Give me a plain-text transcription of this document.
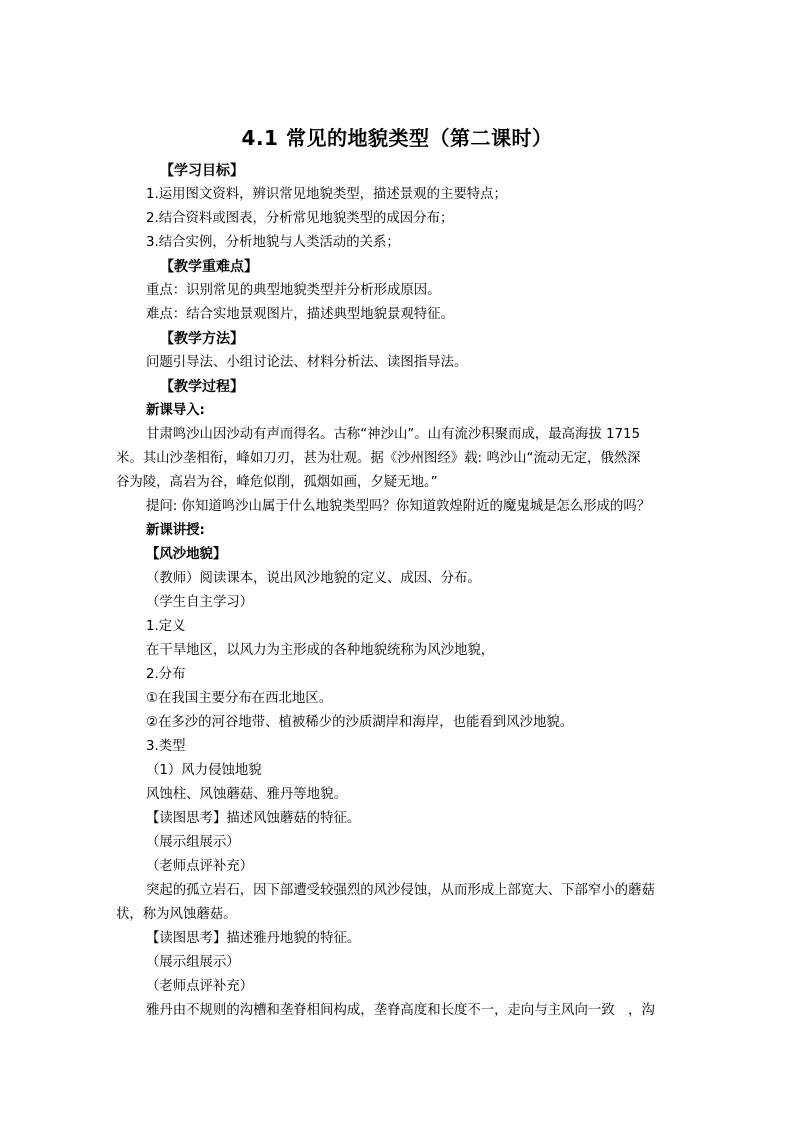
4.1 常见的地貌类型（第二课时）
【学习目标】
1.运用图文资料，辨识常见地貌类型，描述景观的主要特点；
2.结合资料或图表，分析常见地貌类型的成因分布；
3.结合实例，分析地貌与人类活动的关系；
【教学重难点】
重点：识别常见的典型地貌类型并分析形成原因。
难点：结合实地景观图片，描述典型地貌景观特征。
【教学方法】
问题引导法、小组讨论法、材料分析法、读图指导法。
【教学过程】
新课导入:
甘肃鸣沙山因沙动有声而得名。古称“神沙山”。山有流沙积聚而成，最高海拔 1715
米。其山沙垄相衔，峰如刀刃，甚为壮观。据《沙州图经》载: 鸣沙山“流动无定，俄然深
谷为陵，高岩为谷，峰危似削，孤烟如画，夕疑无地。”
提问: 你知道鸣沙山属于什么地貌类型吗？你知道敦煌附近的魔鬼城是怎么形成的吗？
新课讲授:
【风沙地貌】
（教师）阅读课本，说出风沙地貌的定义、成因、分布。
（学生自主学习）
1.定义
在干旱地区，以风力为主形成的各种地貌统称为风沙地貌，
2.分布
①在我国主要分布在西北地区。
②在多沙的河谷地带、植被稀少的沙质湖岸和海岸，也能看到风沙地貌。
3.类型
（1）风力侵蚀地貌
风蚀柱、风蚀蘑菇、雅丹等地貌。
【读图思考】描述风蚀蘑菇的特征。
（展示组展示）
（老师点评补充）
突起的孤立岩石，因下部遭受较强烈的风沙侵蚀，从而形成上部宽大、下部窄小的蘑菇
状，称为风蚀蘑菇。
【读图思考】描述雅丹地貌的特征。
（展示组展示）
（老师点评补充）
雅丹由不规则的沟槽和垄脊相间构成，垄脊高度和长度不一，走向与主风向一致　，沟
